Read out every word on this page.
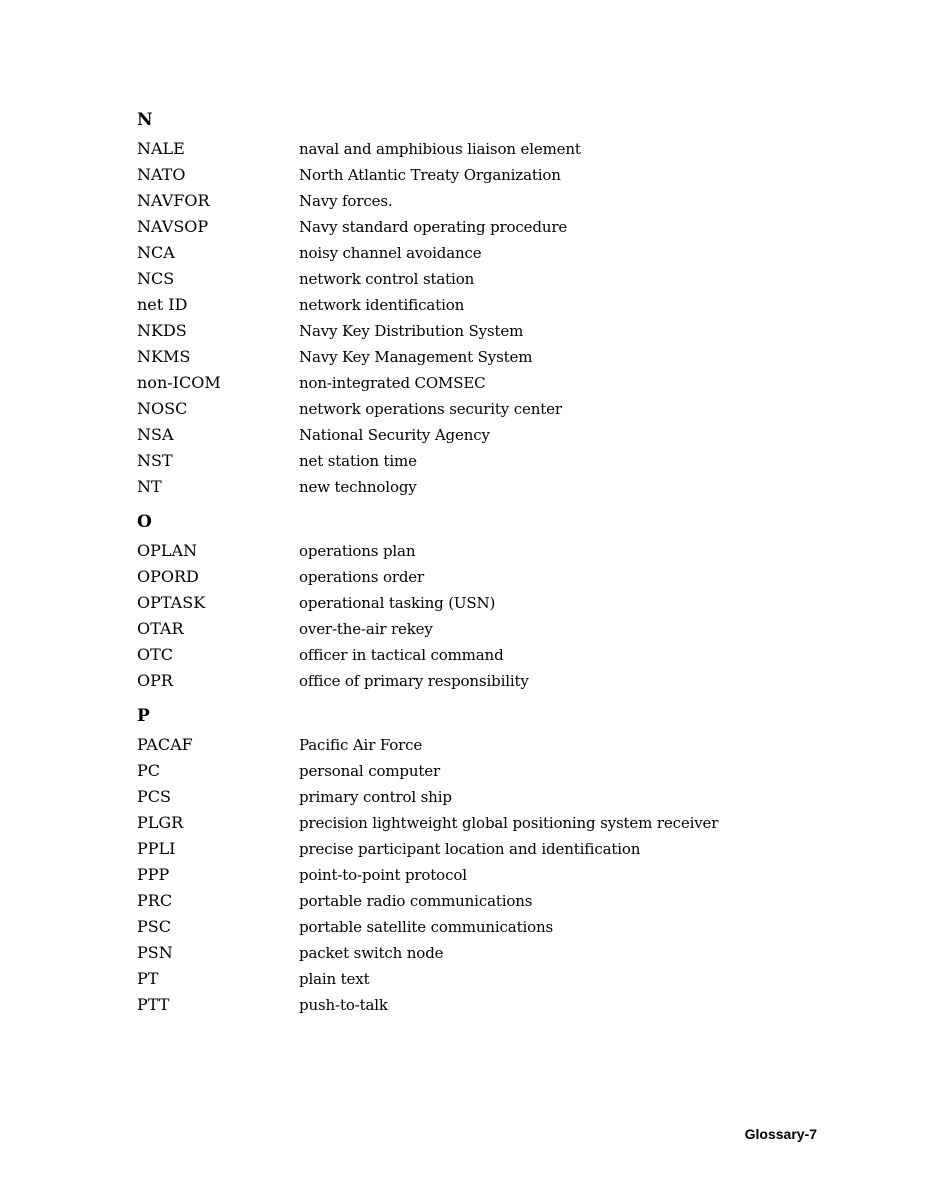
N
NALE	naval and amphibious liaison element
NATO	North Atlantic Treaty Organization
NAVFOR	Navy forces.
NAVSOP	Navy standard operating procedure
NCA	noisy channel avoidance
NCS	network control station
net ID	network identification
NKDS	Navy Key Distribution System
NKMS	Navy Key Management System
non-ICOM	non-integrated COMSEC
NOSC	network operations security center
NSA	National Security Agency
NST	net station time
NT	new technology
O
OPLAN	operations plan
OPORD	operations order
OPTASK	operational tasking (USN)
OTAR	over-the-air rekey
OTC	officer in tactical command
OPR	office of primary responsibility
P
PACAF	Pacific Air Force
PC	personal computer
PCS	primary control ship
PLGR	precision lightweight global positioning system receiver
PPLI	precise participant location and identification
PPP	point-to-point protocol
PRC	portable radio communications
PSC	portable satellite communications
PSN	packet switch node
PT	plain text
PTT	push-to-talk
Glossary-7
